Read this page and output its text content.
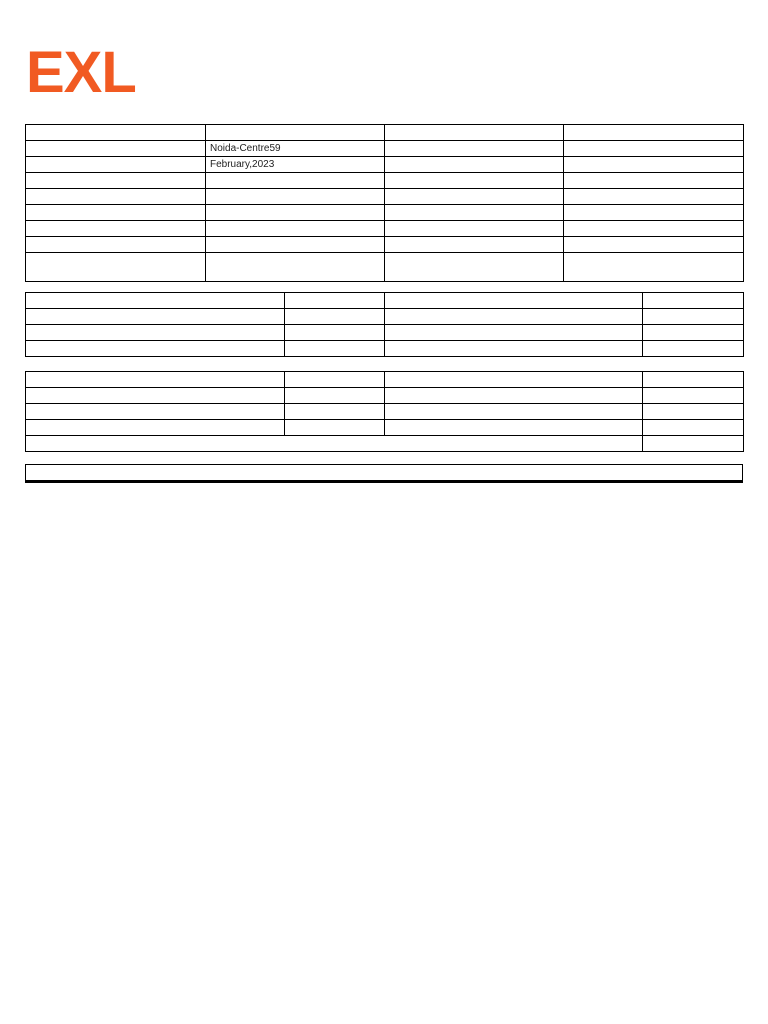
EXL

	Noida-Centre59		
	February,2023		
